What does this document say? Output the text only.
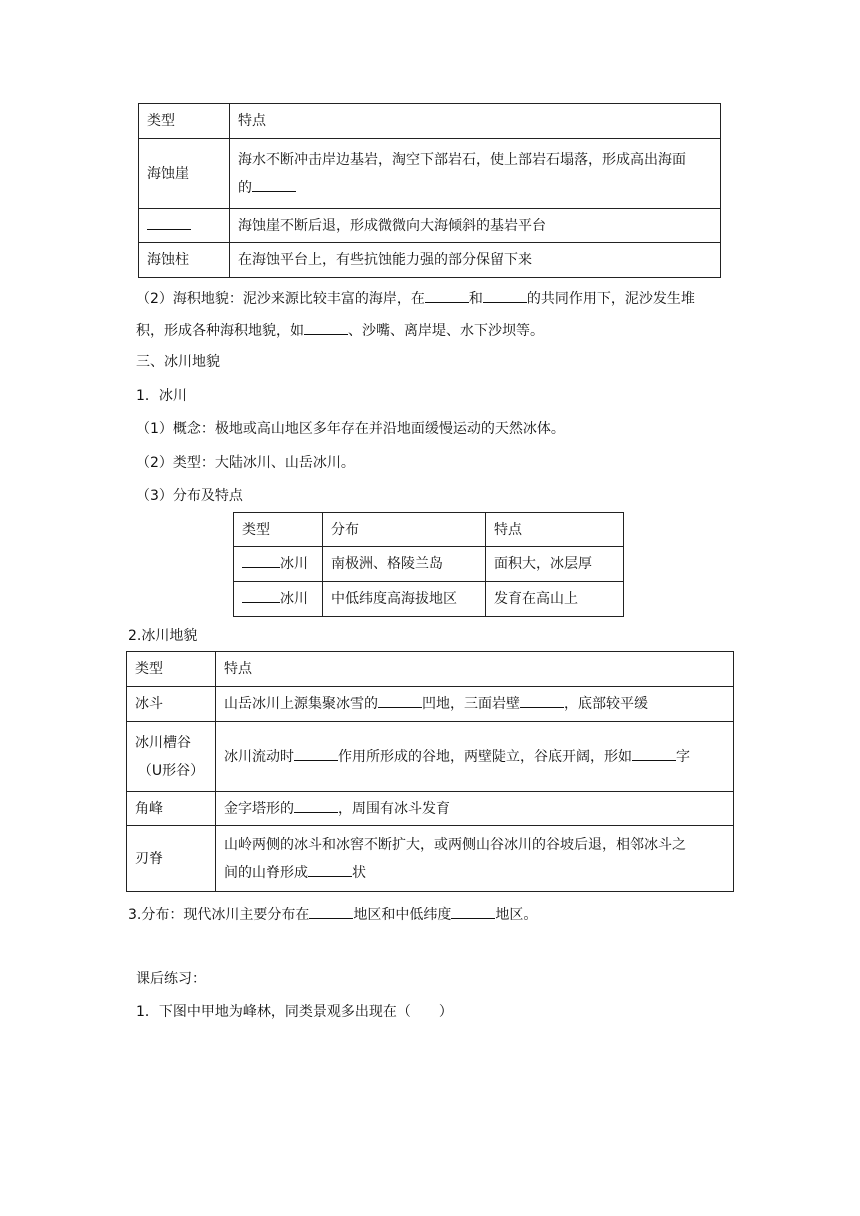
类型	特点
海蚀崖	海水不断冲击岸边基岩，淘空下部岩石，使上部岩石塌落，形成高出海面
的

	海蚀崖不断后退，形成微微向大海倾斜的基岩平台
海蚀柱	在海蚀平台上，有些抗蚀能力强的部分保留下来
（2）海积地貌：泥沙来源比较丰富的海岸，在	和	的共同作用下，泥沙发生堆
积，形成各种海积地貌，如	、沙嘴、离岸堤、水下沙坝等。
三、冰川地貌
1．冰川
（1）概念：极地或高山地区多年存在并沿地面缓慢运动的天然冰体。
（2）类型：大陆冰川、山岳冰川。
（3）分布及特点
类型	分布	特点
冰川	南极洲、格陵兰岛	面积大，冰层厚
冰川	中低纬度高海拔地区	发育在高山上
2.冰川地貌
类型	特点
冰斗	山岳冰川上源集聚冰雪的 凹地，三面岩壁 ，底部较平缓

冰川槽谷
（U形谷）	冰川流动时 作用所形成的谷地，两壁陡立，谷底开阔，形如 字
角峰	金字塔形的 ，周围有冰斗发育
刃脊	山岭两侧的冰斗和冰窖不断扩大，或两侧山谷冰川的谷坡后退，相邻冰斗之
间的山脊形成 状
3.分布：现代冰川主要分布在	地区和中低纬度	地区。
课后练习：
1．下图中甲地为峰林，同类景观多出现在（　　）
